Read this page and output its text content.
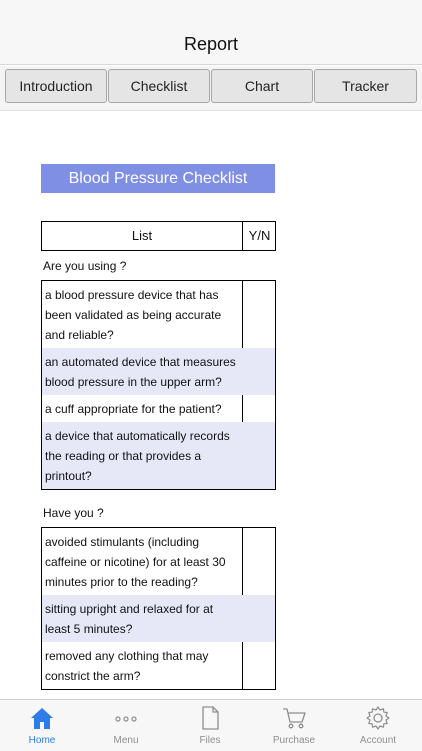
Report
Introduction	Checklist	Chart	Tracker
Blood Pressure Checklist
List	Y/N
Are you using ?
a blood pressure device that has been validated as being accurate and reliable?
an automated device that measures blood pressure in the upper arm?
a cuff appropriate for the patient?
a device that automatically records the reading or that provides a printout?
Have you ?
avoided stimulants (including caffeine or nicotine) for at least 30 minutes prior to the reading?
sitting upright and relaxed for at least 5 minutes?
removed any clothing that may constrict the arm?
Home	Menu	Files	Purchase	Account
